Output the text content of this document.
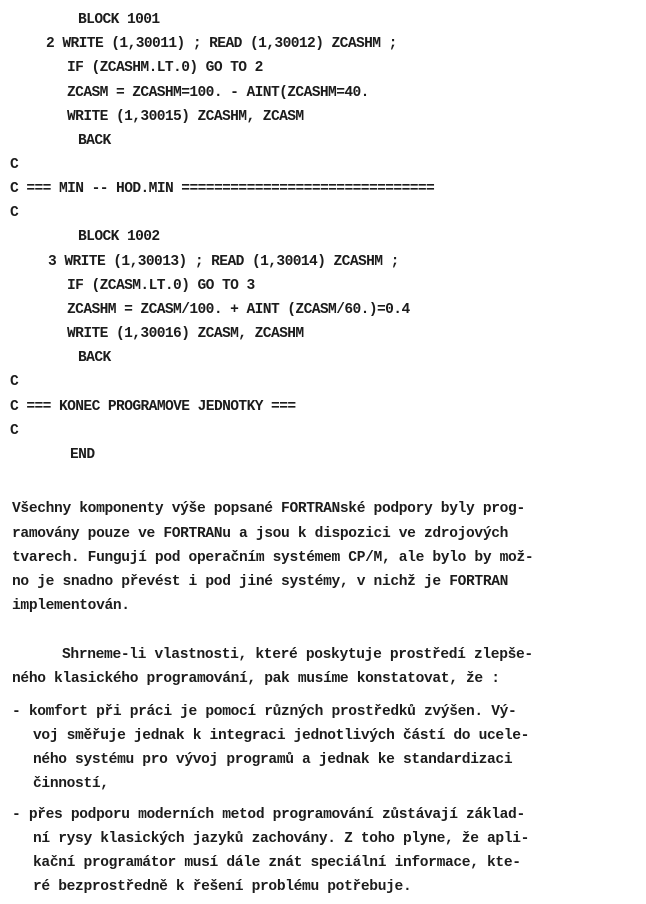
BLOCK 1001
2 WRITE (1,30011) ; READ (1,30012) ZCASHM ;
IF (ZCASHM.LT.0) GO TO 2
ZCASM = ZCASHM=100. - AINT(ZCASHM=40.
WRITE (1,30015) ZCASHM, ZCASM
BACK
C
C === MIN -- HOD.MIN ===============================
C
BLOCK 1002
3 WRITE (1,30013) ; READ (1,30014) ZCASHM ;
IF (ZCASM.LT.0) GO TO 3
ZCASHM = ZCASM/100. + AINT (ZCASM/60.)=0.4
WRITE (1,30016) ZCASM, ZCASHM
BACK
C
C === KONEC PROGRAMOVE JEDNOTKY ===
C
END
Všechny komponenty výše popsané FORTRANské podpory byly prog-
ramovány pouze ve FORTRANu a jsou k dispozici ve zdrojových
tvarech. Fungují pod operačním systémem CP/M, ale bylo by mož-
no je snadno převést i pod jiné systémy, v nichž je FORTRAN
implementován.
Shrneme-li vlastnosti, které poskytuje prostředí zlepše-
ného klasického programování, pak musíme konstatovat, že :
- komfort při práci je pomocí různých prostředků zvýšen. Vý-
voj směřuje jednak k integraci jednotlivých částí do ucele-
ného systému pro vývoj programů a jednak ke standardizaci
činností,
- přes podporu moderních metod programování zůstávají základ-
ní rysy klasických jazyků zachovány. Z toho plyne, že apli-
kační programátor musí dále znát speciální informace, kte-
ré bezprostředně k řešení problému potřebuje.
